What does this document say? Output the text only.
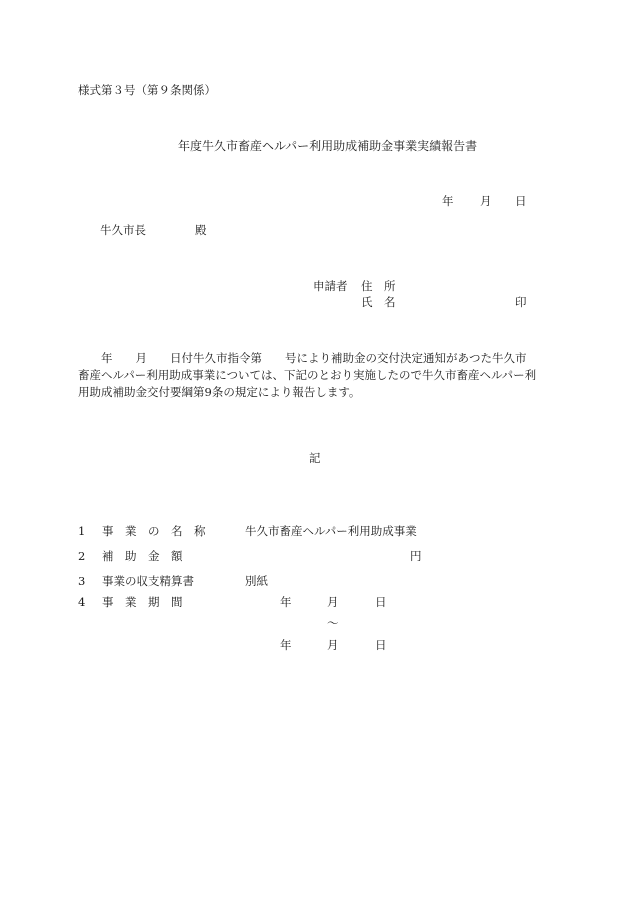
様式第３号（第９条関係）
年度牛久市畜産ヘルパー利用助成補助金事業実績報告書
年 月 日
牛久市長	殿
申請者 住　所
氏　名	印

　　年　　月　　日付牛久市指令第　　号により補助金の交付決定通知があつた牛久市

畜産ヘルパー利用助成事業については、下記のとおり実施したので牛久市畜産ヘルパー利

用助成補助金交付要綱第9条の規定により報告します。

記
1 事　業　の　名　称	牛久市畜産ヘルパー利用助成事業
2 補　助　金　額	円
3 事業の収支精算書	別紙
4 事　業　期　間	年	月	日
～
年	月	日
